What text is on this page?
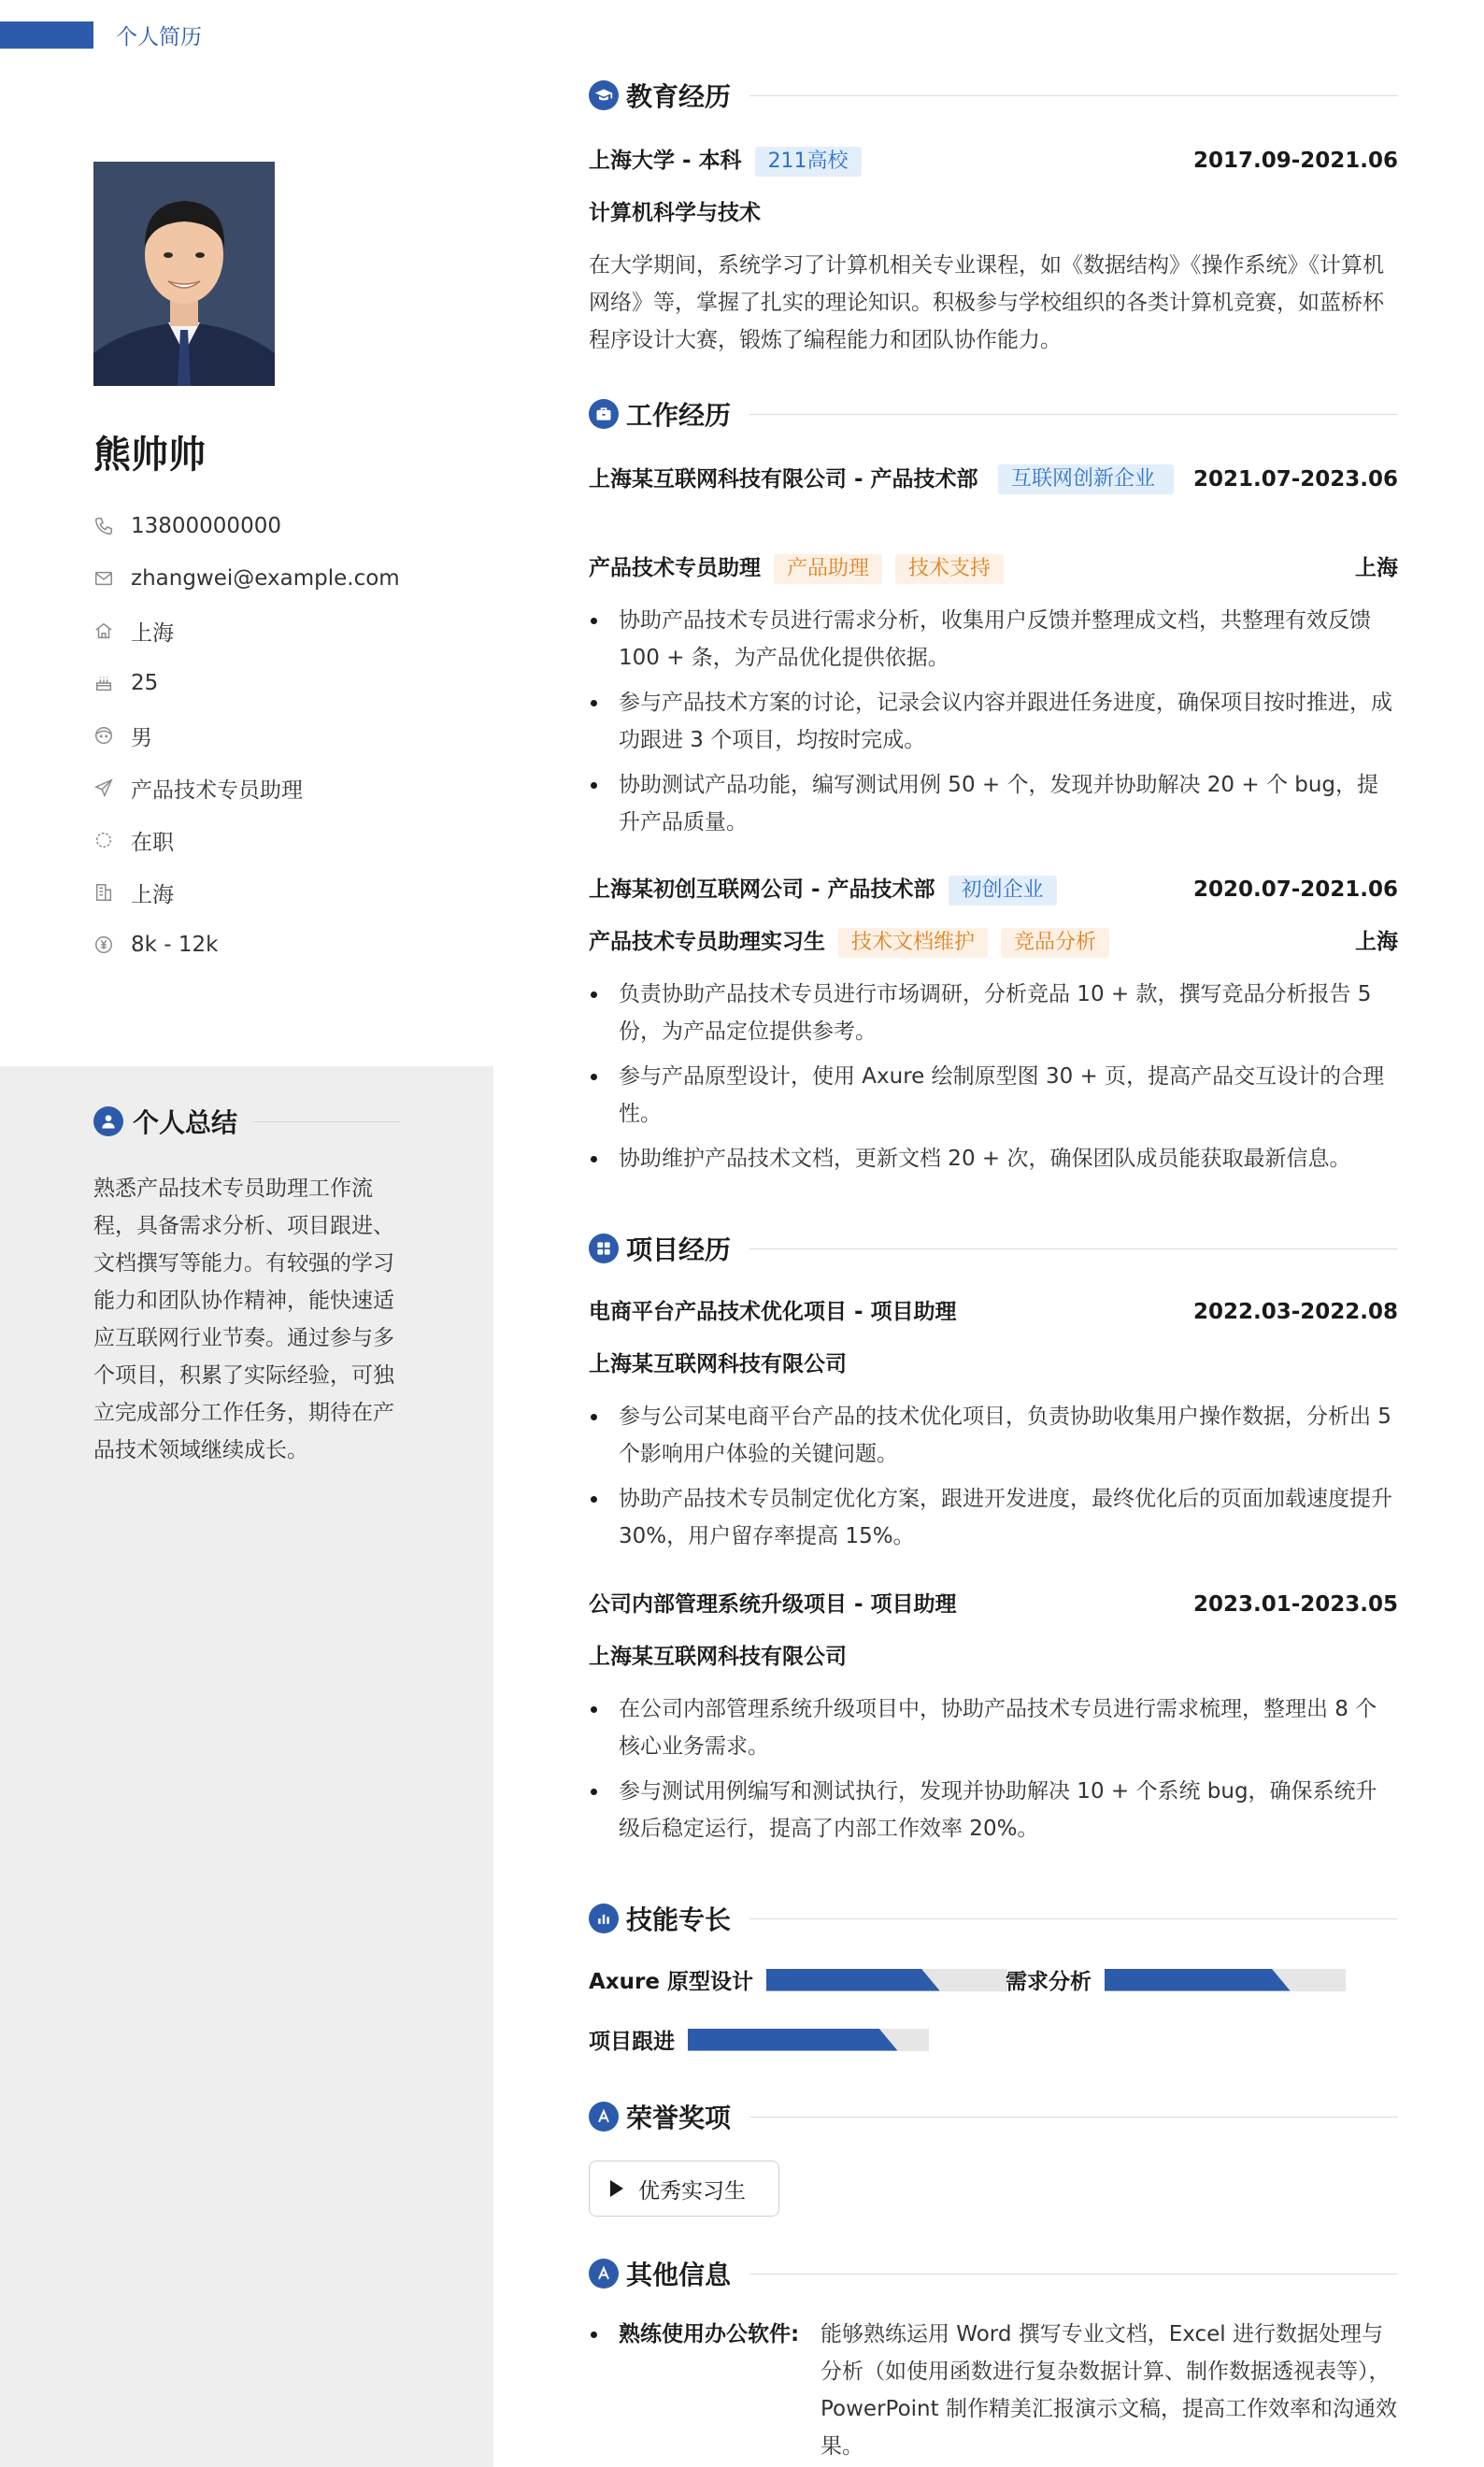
个人简历
熊帅帅
13800000000
zhangwei@example.com
上海
25
男
产品技术专员助理
在职
上海
8k - 12k
个人总结
熟悉产品技术专员助理工作流程，具备需求分析、项目跟进、文档撰写等能力。有较强的学习能力和团队协作精神，能快速适应互联网行业节奏。通过参与多个项目，积累了实际经验，可独立完成部分工作任务，期待在产品技术领域继续成长。
教育经历
上海大学 - 本科 211高校	2017.09-2021.06
计算机科学与技术
在大学期间，系统学习了计算机相关专业课程，如《数据结构》《操作系统》《计算机网络》等，掌握了扎实的理论知识。积极参与学校组织的各类计算机竞赛，如蓝桥杯程序设计大赛，锻炼了编程能力和团队协作能力。
工作经历
上海某互联网科技有限公司 - 产品技术部	互联网创新企业	2021.07-2023.06
产品技术专员助理 产品助理 技术支持	上海
协助产品技术专员进行需求分析，收集用户反馈并整理成文档，共整理有效反馈 100 + 条，为产品优化提供依据。
参与产品技术方案的讨论，记录会议内容并跟进任务进度，确保项目按时推进，成功跟进 3 个项目，均按时完成。
协助测试产品功能，编写测试用例 50 + 个，发现并协助解决 20 + 个 bug，提升产品质量。
上海某初创互联网公司 - 产品技术部 初创企业	2020.07-2021.06
产品技术专员助理实习生 技术文档维护 竞品分析	上海
负责协助产品技术专员进行市场调研，分析竞品 10 + 款，撰写竞品分析报告 5 份，为产品定位提供参考。
参与产品原型设计，使用 Axure 绘制原型图 30 + 页，提高产品交互设计的合理性。
协助维护产品技术文档，更新文档 20 + 次，确保团队成员能获取最新信息。
项目经历
电商平台产品技术优化项目 - 项目助理	2022.03-2022.08
上海某互联网科技有限公司
参与公司某电商平台产品的技术优化项目，负责协助收集用户操作数据，分析出 5 个影响用户体验的关键问题。
协助产品技术专员制定优化方案，跟进开发进度，最终优化后的页面加载速度提升 30%，用户留存率提高 15%。
公司内部管理系统升级项目 - 项目助理	2023.01-2023.05
上海某互联网科技有限公司
在公司内部管理系统升级项目中，协助产品技术专员进行需求梳理，整理出 8 个核心业务需求。
参与测试用例编写和测试执行，发现并协助解决 10 + 个系统 bug，确保系统升级后稳定运行，提高了内部工作效率 20%。
技能专长
Axure 原型设计	需求分析
项目跟进
荣誉奖项
优秀实习生
其他信息
熟练使用办公软件: 能够熟练运用 Word 撰写专业文档，Excel 进行数据处理与分析（如使用函数进行复杂数据计算、制作数据透视表等），PowerPoint 制作精美汇报演示文稿，提高工作效率和沟通效果。
